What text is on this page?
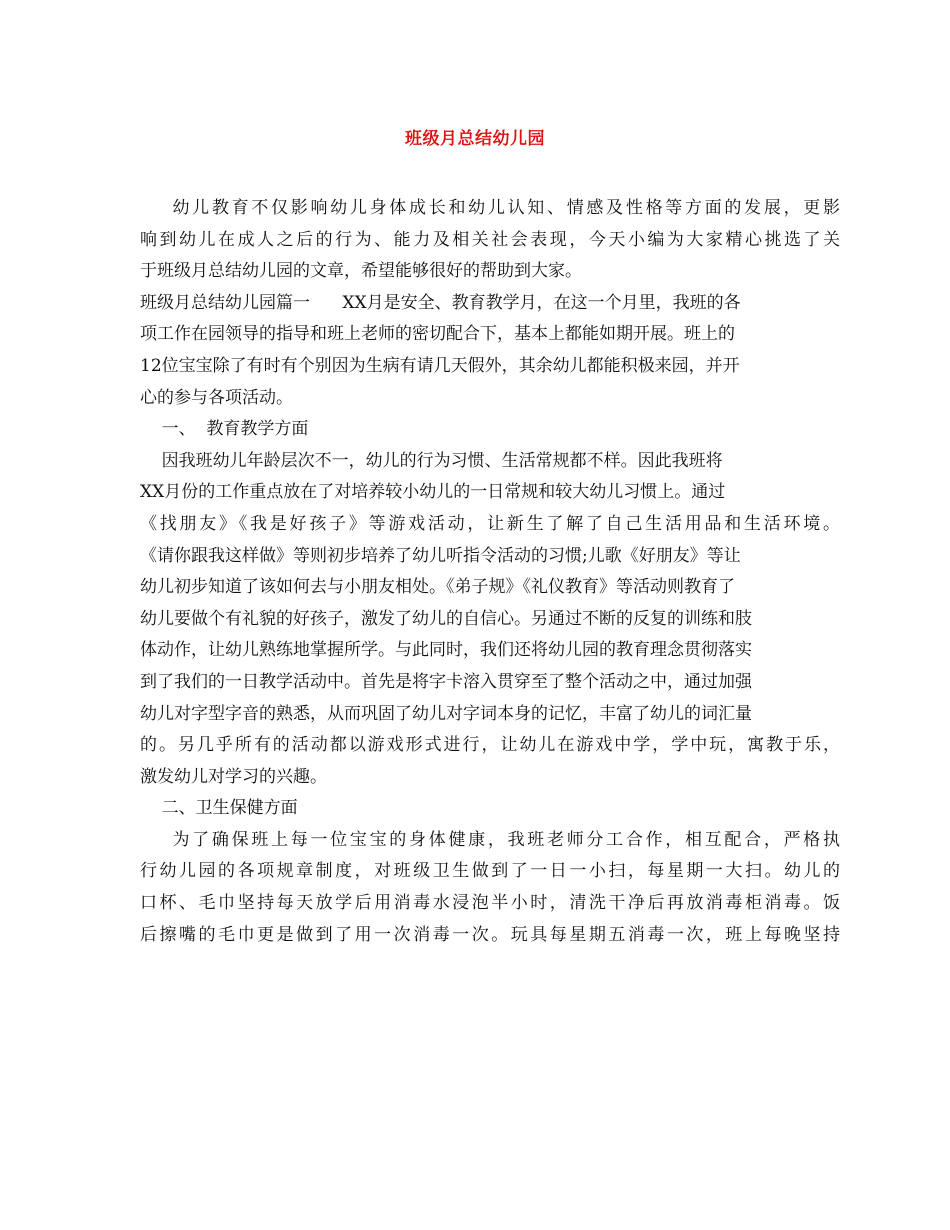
班级月总结幼儿园
幼儿教育不仅影响幼儿身体成长和幼儿认知、情感及性格等方面的发展，更影
响到幼儿在成人之后的行为、能力及相关社会表现，今天小编为大家精心挑选了关
于班级月总结幼儿园的文章，希望能够很好的帮助到大家。
班级月总结幼儿园篇一      XX月是安全、教育教学月，在这一个月里，我班的各
项工作在园领导的指导和班上老师的密切配合下，基本上都能如期开展。班上的
12位宝宝除了有时有个别因为生病有请几天假外，其余幼儿都能积极来园，并开
心的参与各项活动。
一、  教育教学方面
因我班幼儿年龄层次不一，幼儿的行为习惯、生活常规都不样。因此我班将
XX月份的工作重点放在了对培养较小幼儿的一日常规和较大幼儿习惯上。通过
《找朋友》《我是好孩子》等游戏活动，让新生了解了自己生活用品和生活环境。
《请你跟我这样做》等则初步培养了幼儿听指令活动的习惯;儿歌《好朋友》等让
幼儿初步知道了该如何去与小朋友相处。《弟子规》《礼仪教育》等活动则教育了
幼儿要做个有礼貌的好孩子，激发了幼儿的自信心。另通过不断的反复的训练和肢
体动作，让幼儿熟练地掌握所学。与此同时，我们还将幼儿园的教育理念贯彻落实
到了我们的一日教学活动中。首先是将字卡溶入贯穿至了整个活动之中，通过加强
幼儿对字型字音的熟悉，从而巩固了幼儿对字词本身的记忆，丰富了幼儿的词汇量
的。另几乎所有的活动都以游戏形式进行，让幼儿在游戏中学，学中玩，寓教于乐，
激发幼儿对学习的兴趣。
二、卫生保健方面
为了确保班上每一位宝宝的身体健康，我班老师分工合作，相互配合，严格执
行幼儿园的各项规章制度，对班级卫生做到了一日一小扫，每星期一大扫。幼儿的
口杯、毛巾坚持每天放学后用消毒水浸泡半小时，清洗干净后再放消毒柜消毒。饭
后擦嘴的毛巾更是做到了用一次消毒一次。玩具每星期五消毒一次，班上每晚坚持
